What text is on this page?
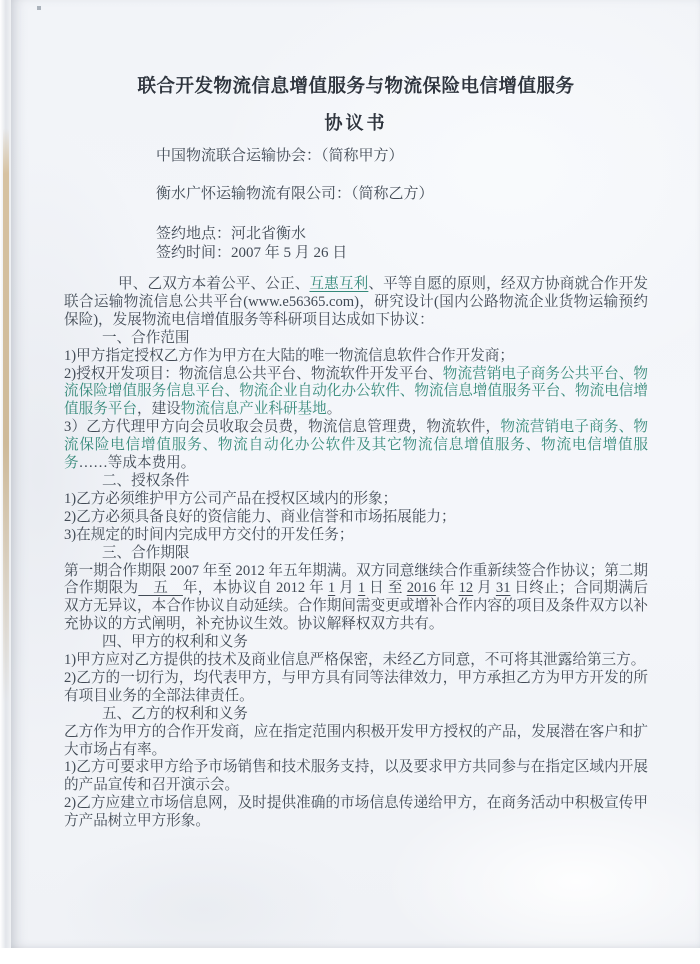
联合开发物流信息增值服务与物流保险电信增值服务
协议书

中国物流联合运输协会：（简称甲方）

衡水广怀运输物流有限公司：（简称乙方）

签约地点：河北省衡水

签约时间：2007 年 5 月 26 日

甲、乙双方本着公平、公正、互惠互利、平等自愿的原则，经双方协商就合作开发联合运输物流信息公共平台(www.e56365.com)，研究设计(国内公路物流企业货物运输预约保险)，发展物流电信增值服务等科研项目达成如下协议：

一、合作范围

1)甲方指定授权乙方作为甲方在大陆的唯一物流信息软件合作开发商；

2)授权开发项目：物流信息公共平台、物流软件开发平台、物流营销电子商务公共平台、物流保险增值服务信息平台、物流企业自动化办公软件、物流信息增值服务平台、物流电信增值服务平台，建设物流信息产业科研基地。

3）乙方代理甲方向会员收取会员费，物流信息管理费，物流软件，物流营销电子商务、物流保险电信增值服务、物流自动化办公软件及其它物流信息增值服务、物流电信增值服务……等成本费用。

二、授权条件

1)乙方必须维护甲方公司产品在授权区域内的形象；

2)乙方必须具备良好的资信能力、商业信誉和市场拓展能力；

3)在规定的时间内完成甲方交付的开发任务；

三、合作期限

第一期合作期限 2007 年至 2012 年五年期满。双方同意继续合作重新续签合作协议；第二期合作期限为　五　年，本协议自 2012 年 1 月 1 日 至 2016 年 12 月 31 日终止；合同期满后双方无异议，本合作协议自动延续。合作期间需变更或增补合作内容的项目及条件双方以补充协议的方式阐明，补充协议生效。协议解释权双方共有。

四、甲方的权利和义务

1)甲方应对乙方提供的技术及商业信息严格保密，未经乙方同意，不可将其泄露给第三方。

2)乙方的一切行为，均代表甲方，与甲方具有同等法律效力，甲方承担乙方为甲方开发的所有项目业务的全部法律责任。

五、乙方的权利和义务

乙方作为甲方的合作开发商，应在指定范围内积极开发甲方授权的产品，发展潜在客户和扩大市场占有率。

1)乙方可要求甲方给予市场销售和技术服务支持，以及要求甲方共同参与在指定区域内开展的产品宣传和召开演示会。

2)乙方应建立市场信息网，及时提供准确的市场信息传递给甲方，在商务活动中积极宣传甲方产品树立甲方形象。
